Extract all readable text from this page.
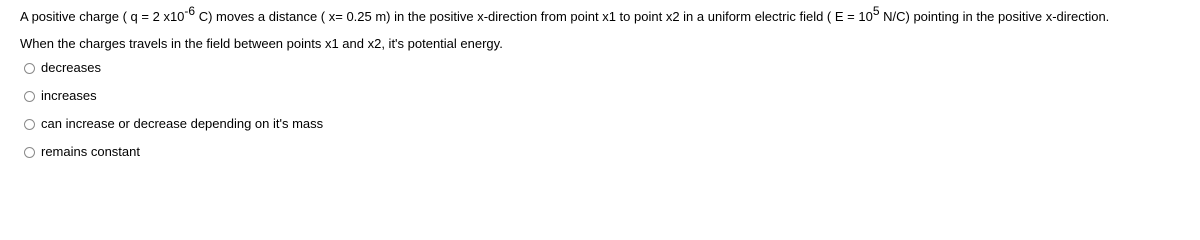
A positive charge ( q = 2 $x10^{-6}$ C) moves a distance ( x= 0.25 m) in the positive x-direction from point x1 to point x2 in a uniform electric field ( $E = 10^5$ N/C) pointing in the positive x-direction.
When the charges travels in the field between points x1 and x2, it's potential energy.
decreases
increases
can increase or decrease depending on it's mass
remains constant
